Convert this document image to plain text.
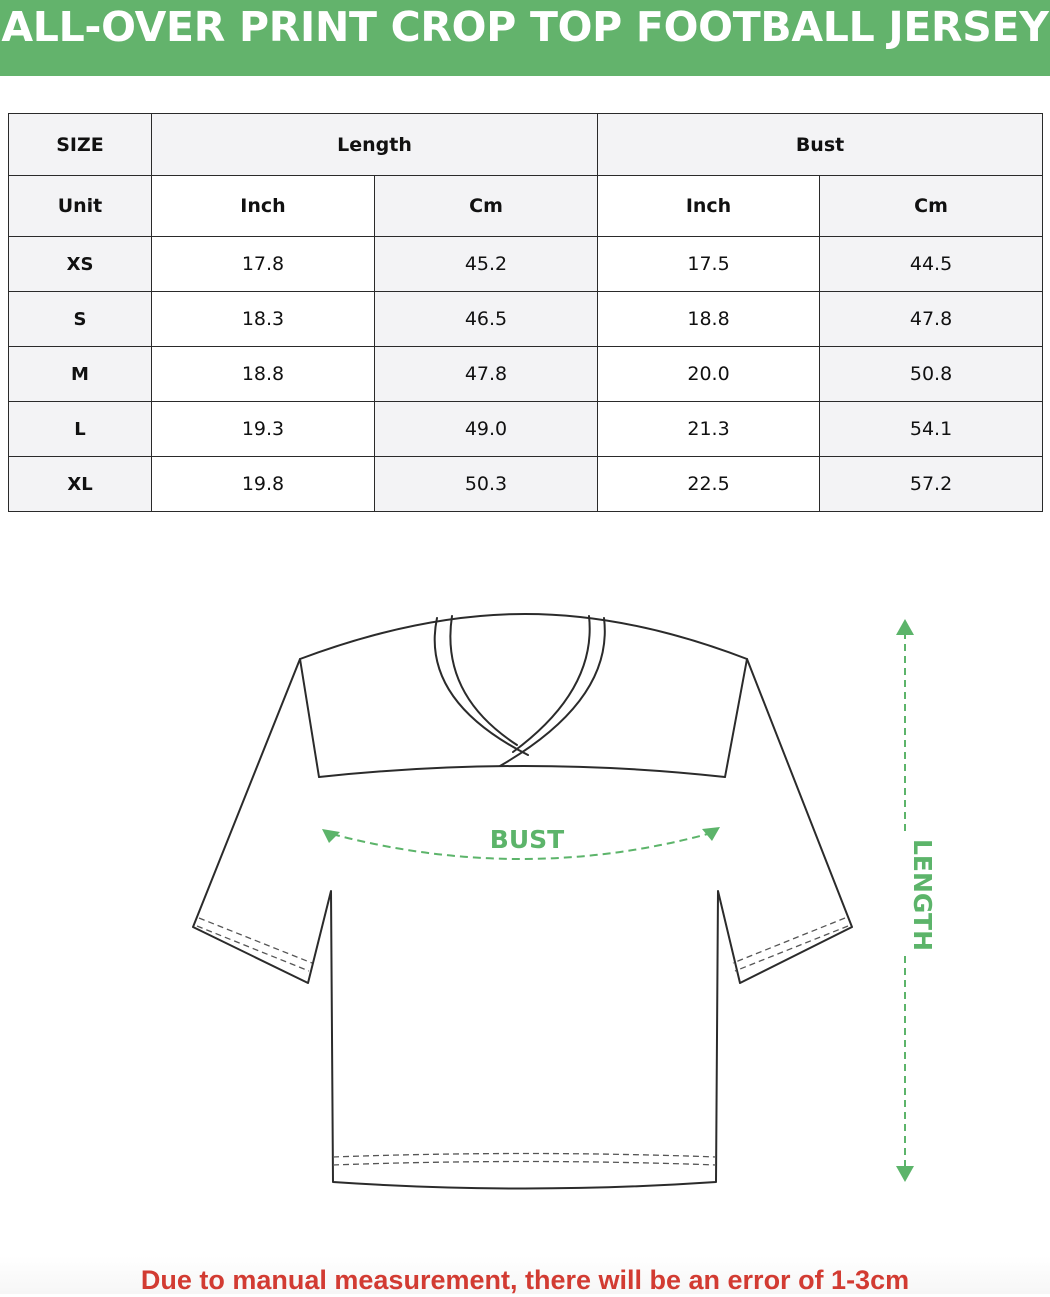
ALL-OVER PRINT CROP TOP FOOTBALL JERSEY
SIZE	Length		Bust	
Unit	Inch	Cm	Inch	Cm
XS	17.8	45.2	17.5	44.5
S	18.3	46.5	18.8	47.8
M	18.8	47.8	20.0	50.8
L	19.3	49.0	21.3	54.1
XL	19.8	50.3	22.5	57.2
BUST	LENGTH
Due to manual measurement, there will be an error of 1-3cm
